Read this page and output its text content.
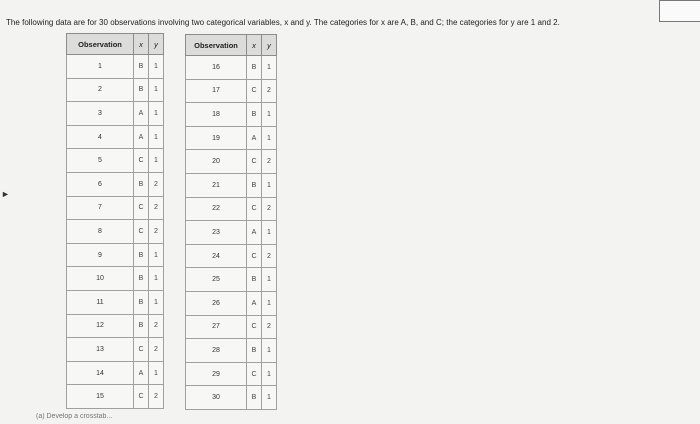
The following data are for 30 observations involving two categorical variables, x and y. The categories for x are A, B, and C; the categories for y are 1 and 2.
►
Observation	x	y
1	B	1
2	B	1
3	A	1
4	A	1
5	C	1
6	B	2
7	C	2
8	C	2
9	B	1
10	B	1
11	B	1
12	B	2
13	C	2
14	A	1
15	C	2
Observation	x	y
16	B	1
17	C	2
18	B	1
19	A	1
20	C	2
21	B	1
22	C	2
23	A	1
24	C	2
25	B	1
26	A	1
27	C	2
28	B	1
29	C	1
30	B	1
(a) Develop a crosstab...
